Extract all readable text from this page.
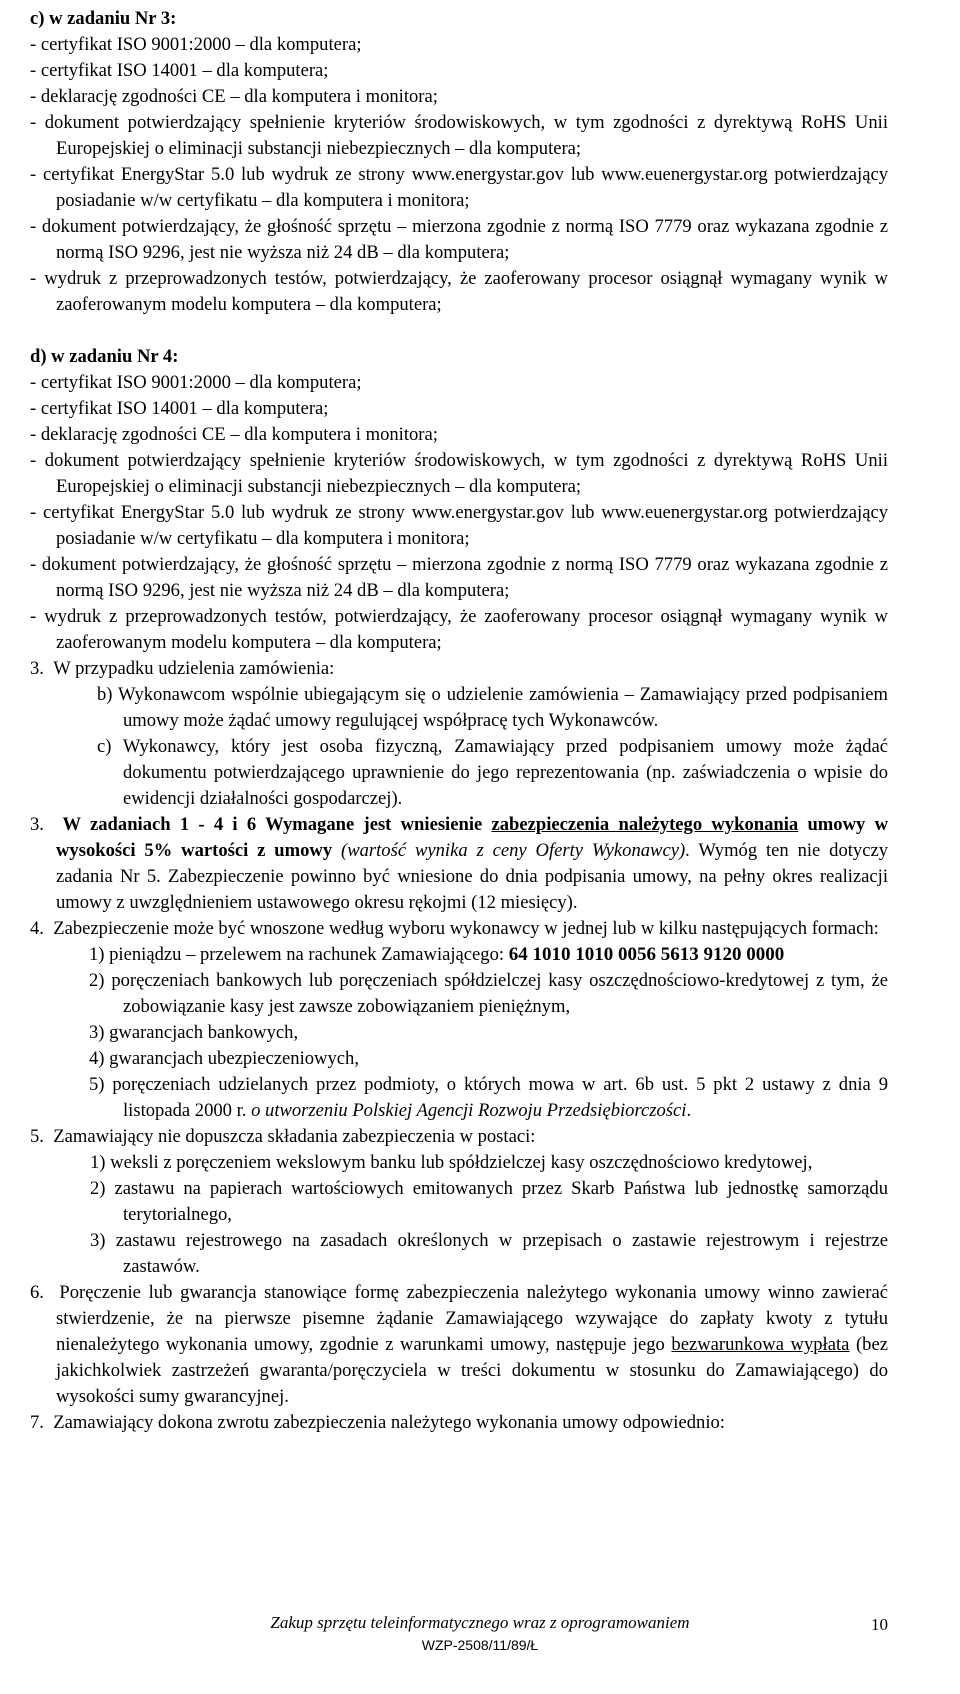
c) w zadaniu Nr 3:

- certyfikat ISO 9001:2000 – dla komputera;

- certyfikat ISO 14001 – dla komputera;

- deklarację zgodności CE – dla komputera i monitora;

- dokument potwierdzający spełnienie kryteriów środowiskowych, w tym zgodności z dyrektywą RoHS Unii Europejskiej o eliminacji substancji niebezpiecznych – dla komputera;

- certyfikat EnergyStar 5.0 lub wydruk ze strony www.energystar.gov lub www.euenergystar.org potwierdzający posiadanie w/w certyfikatu – dla komputera i monitora;

- dokument potwierdzający, że głośność sprzętu – mierzona zgodnie z normą ISO 7779 oraz wykazana zgodnie z normą ISO 9296, jest nie wyższa niż 24 dB – dla komputera;

- wydruk z przeprowadzonych testów, potwierdzający, że zaoferowany procesor osiągnął wymagany wynik w zaoferowanym modelu komputera – dla komputera;

d) w zadaniu Nr 4:

- certyfikat ISO 9001:2000 – dla komputera;

- certyfikat ISO 14001 – dla komputera;

- deklarację zgodności CE – dla komputera i monitora;

- dokument potwierdzający spełnienie kryteriów środowiskowych, w tym zgodności z dyrektywą RoHS Unii Europejskiej o eliminacji substancji niebezpiecznych – dla komputera;

- certyfikat EnergyStar 5.0 lub wydruk ze strony www.energystar.gov lub www.euenergystar.org potwierdzający posiadanie w/w certyfikatu – dla komputera i monitora;

- dokument potwierdzający, że głośność sprzętu – mierzona zgodnie z normą ISO 7779 oraz wykazana zgodnie z normą ISO 9296, jest nie wyższa niż 24 dB – dla komputera;

- wydruk z przeprowadzonych testów, potwierdzający, że zaoferowany procesor osiągnął wymagany wynik w zaoferowanym modelu komputera – dla komputera;

3. W przypadku udzielenia zamówienia:

b) Wykonawcom wspólnie ubiegającym się o udzielenie zamówienia – Zamawiający przed podpisaniem umowy może żądać umowy regulującej współpracę tych Wykonawców.

c) Wykonawcy, który jest osoba fizyczną, Zamawiający przed podpisaniem umowy może żądać dokumentu potwierdzającego uprawnienie do jego reprezentowania (np. zaświadczenia o wpisie do ewidencji działalności gospodarczej).

3. W zadaniach 1 - 4 i 6 Wymagane jest wniesienie zabezpieczenia należytego wykonania umowy w wysokości 5% wartości z umowy (wartość wynika z ceny Oferty Wykonawcy). Wymóg ten nie dotyczy zadania Nr 5. Zabezpieczenie powinno być wniesione do dnia podpisania umowy, na pełny okres realizacji umowy z uwzględnieniem ustawowego okresu rękojmi (12 miesięcy).

4. Zabezpieczenie może być wnoszone według wyboru wykonawcy w jednej lub w kilku następujących formach:

1) pieniądzu – przelewem na rachunek Zamawiającego: 64 1010 1010 0056 5613 9120 0000

2) poręczeniach bankowych lub poręczeniach spółdzielczej kasy oszczędnościowo-kredytowej z tym, że zobowiązanie kasy jest zawsze zobowiązaniem pieniężnym,

3) gwarancjach bankowych,

4) gwarancjach ubezpieczeniowych,

5) poręczeniach udzielanych przez podmioty, o których mowa w art. 6b ust. 5 pkt 2 ustawy z dnia 9 listopada 2000 r. o utworzeniu Polskiej Agencji Rozwoju Przedsiębiorczości.

5. Zamawiający nie dopuszcza składania zabezpieczenia w postaci:

1) weksli z poręczeniem wekslowym banku lub spółdzielczej kasy oszczędnościowo kredytowej,

2) zastawu na papierach wartościowych emitowanych przez Skarb Państwa lub jednostkę samorządu terytorialnego,

3) zastawu rejestrowego na zasadach określonych w przepisach o zastawie rejestrowym i rejestrze zastawów.

6. Poręczenie lub gwarancja stanowiące formę zabezpieczenia należytego wykonania umowy winno zawierać stwierdzenie, że na pierwsze pisemne żądanie Zamawiającego wzywające do zapłaty kwoty z tytułu nienależytego wykonania umowy, zgodnie z warunkami umowy, następuje jego bezwarunkowa wypłata (bez jakichkolwiek zastrzeżeń gwaranta/poręczyciela w treści dokumentu w stosunku do Zamawiającego) do wysokości sumy gwarancyjnej.

7. Zamawiający dokona zwrotu zabezpieczenia należytego wykonania umowy odpowiednio:

Zakup sprzętu teleinformatycznego wraz z oprogramowaniem
WZP-2508/11/89/Ł
10
